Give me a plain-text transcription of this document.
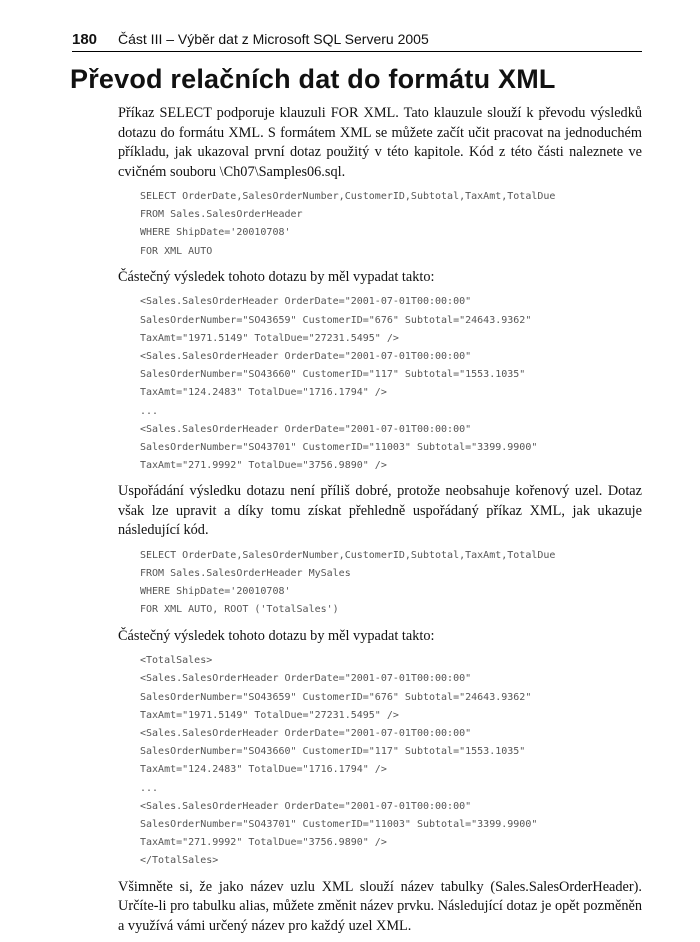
180 Část III – Výběr dat z Microsoft SQL Serveru 2005
Převod relačních dat do formátu XML

Příkaz SELECT podporuje klauzuli FOR XML. Tato klauzule slouží k převodu výsledků dotazu do formátu XML. S formátem XML se můžete začít učit pracovat na jednoduchém příkladu, jak ukazoval první dotaz použitý v této kapitole. Kód z této části naleznete ve cvičném souboru \Ch07\Samples06.sql.

SELECT OrderDate,SalesOrderNumber,CustomerID,Subtotal,TaxAmt,TotalDue
FROM Sales.SalesOrderHeader
WHERE ShipDate='20010708'
FOR XML AUTO

Částečný výsledek tohoto dotazu by měl vypadat takto:

<Sales.SalesOrderHeader OrderDate="2001-07-01T00:00:00"
SalesOrderNumber="SO43659" CustomerID="676" Subtotal="24643.9362"
TaxAmt="1971.5149" TotalDue="27231.5495" />
<Sales.SalesOrderHeader OrderDate="2001-07-01T00:00:00"
SalesOrderNumber="SO43660" CustomerID="117" Subtotal="1553.1035"
TaxAmt="124.2483" TotalDue="1716.1794" />
...
<Sales.SalesOrderHeader OrderDate="2001-07-01T00:00:00"
SalesOrderNumber="SO43701" CustomerID="11003" Subtotal="3399.9900"
TaxAmt="271.9992" TotalDue="3756.9890" />

Uspořádání výsledku dotazu není příliš dobré, protože neobsahuje kořenový uzel. Dotaz však lze upravit a díky tomu získat přehledně uspořádaný příkaz XML, jak ukazuje následující kód.

SELECT OrderDate,SalesOrderNumber,CustomerID,Subtotal,TaxAmt,TotalDue
FROM Sales.SalesOrderHeader MySales
WHERE ShipDate='20010708'
FOR XML AUTO, ROOT ('TotalSales')

Částečný výsledek tohoto dotazu by měl vypadat takto:

<TotalSales>
<Sales.SalesOrderHeader OrderDate="2001-07-01T00:00:00"
SalesOrderNumber="SO43659" CustomerID="676" Subtotal="24643.9362"
TaxAmt="1971.5149" TotalDue="27231.5495" />
<Sales.SalesOrderHeader OrderDate="2001-07-01T00:00:00"
SalesOrderNumber="SO43660" CustomerID="117" Subtotal="1553.1035"
TaxAmt="124.2483" TotalDue="1716.1794" />
...
<Sales.SalesOrderHeader OrderDate="2001-07-01T00:00:00"
SalesOrderNumber="SO43701" CustomerID="11003" Subtotal="3399.9900"
TaxAmt="271.9992" TotalDue="3756.9890" />
</TotalSales>

Všimněte si, že jako název uzlu XML slouží název tabulky (Sales.SalesOrderHeader). Určíte-li pro tabulku alias, můžete změnit název prvku. Následující dotaz je opět pozměněn a využívá vámi určený název pro každý uzel XML.
